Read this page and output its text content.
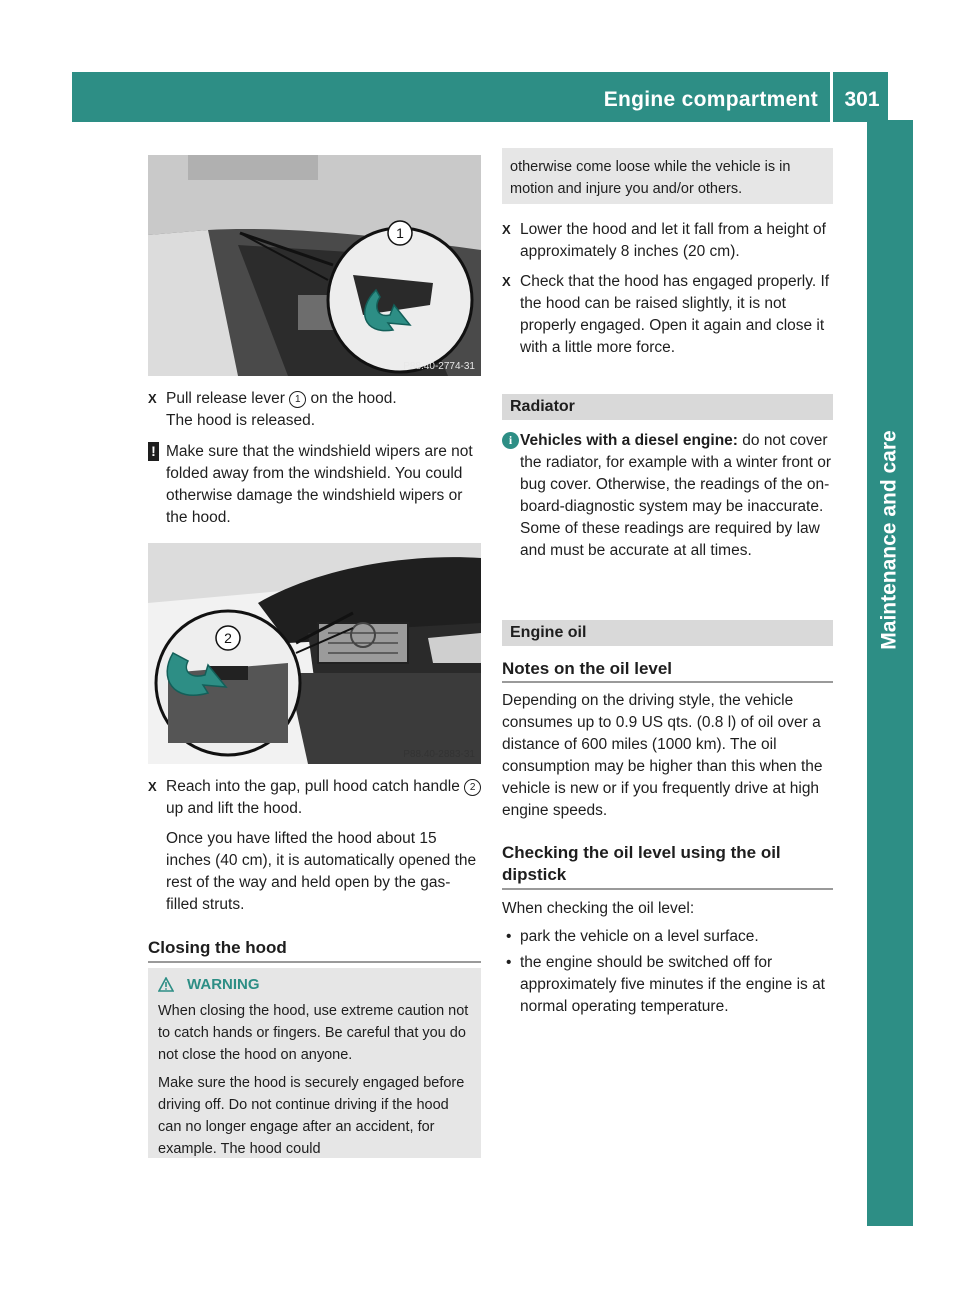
Engine compartment	301
Maintenance and care
1
P88.40-2774-31

X Pull release lever 1 on the hood.

The hood is released.

! Make sure that the windshield wipers are not folded away from the windshield. You could otherwise damage the windshield wipers or the hood.

2
P88.40-2883-31

X Reach into the gap, pull hood catch handle 2 up and lift the hood.

Once you have lifted the hood about 15 inches (40 cm), it is automatically opened the rest of the way and held open by the gas-filled struts.

Closing the hood

WARNING

When closing the hood, use extreme caution not to catch hands or fingers. Be careful that you do not close the hood on anyone.

Make sure the hood is securely engaged before driving off. Do not continue driving if the hood can no longer engage after an accident, for example. The hood could

otherwise come loose while the vehicle is in motion and injure you and/or others.

X Lower the hood and let it fall from a height of approximately 8 inches (20 cm).

X Check that the hood has engaged properly. If the hood can be raised slightly, it is not properly engaged. Open it again and close it with a little more force.

Radiator

i Vehicles with a diesel engine: do not cover the radiator, for example with a winter front or bug cover. Otherwise, the readings of the on-board-diagnostic system may be inaccurate. Some of these readings are required by law and must be accurate at all times.

Engine oil
Notes on the oil level

Depending on the driving style, the vehicle consumes up to 0.9 US qts. (0.8 l) of oil over a distance of 600 miles (1000 km). The oil consumption may be higher than this when the vehicle is new or if you frequently drive at high engine speeds.

Checking the oil level using the oil dipstick

When checking the oil level:

• park the vehicle on a level surface.

• the engine should be switched off for approximately five minutes if the engine is at normal operating temperature.
